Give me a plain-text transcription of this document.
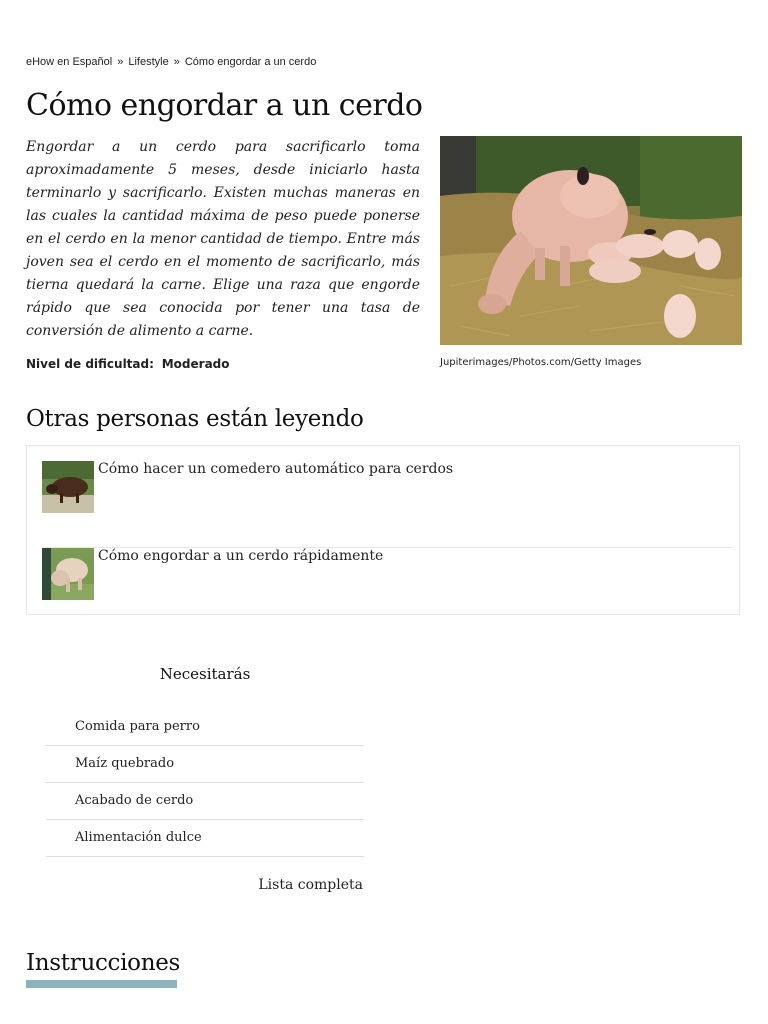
eHow en Español » Lifestyle » Cómo engordar a un cerdo
Cómo engordar a un cerdo

Engordar a un cerdo para sacrificarlo toma aproximadamente 5 meses, desde iniciarlo hasta terminarlo y sacrificarlo. Existen muchas maneras en las cuales la cantidad máxima de peso puede ponerse en el cerdo en la menor cantidad de tiempo. Entre más joven sea el cerdo en el momento de sacrificarlo, más tierna quedará la carne. Elige una raza que engorde rápido que sea conocida por tener una tasa de conversión de alimento a carne.

Nivel de dificultad: Moderado	Jupiterimages/Photos.com/Getty Images
Otras personas están leyendo
Cómo hacer un comedero automático para cerdos
Cómo engordar a un cerdo rápidamente
Necesitarás
Comida para perro
Maíz quebrado
Acabado de cerdo
Alimentación dulce
Lista completa
Instrucciones
